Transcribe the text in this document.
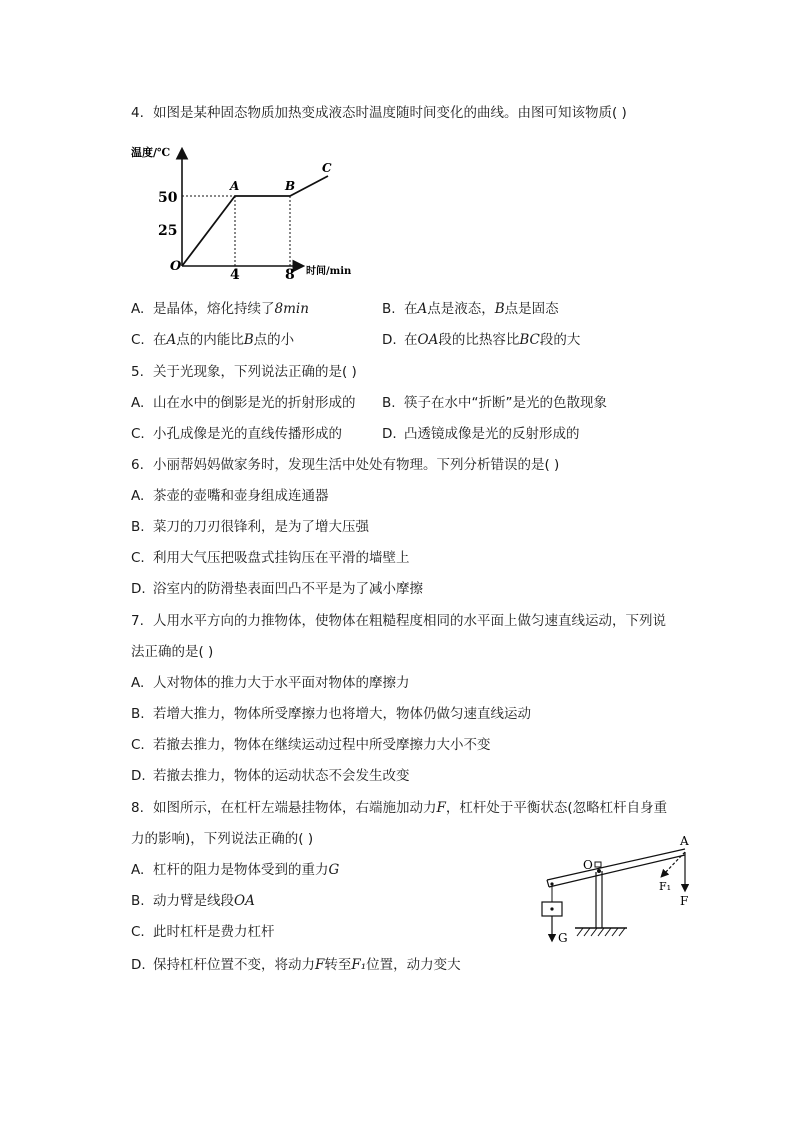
4. 如图是某种固态物质加热变成液态时温度随时间变化的曲线。由图可知该物质( )
温度/℃
时间/min
O
25
50
4	8
A	B
C
A. 是晶体，熔化持续了8min	B. 在A点是液态，B点是固态
C. 在A点的内能比B点的小	D. 在OA段的比热容比BC段的大
5. 关于光现象，下列说法正确的是( )
A. 山在水中的倒影是光的折射形成的 B. 筷子在水中“折断”是光的色散现象
C. 小孔成像是光的直线传播形成的	D. 凸透镜成像是光的反射形成的
6. 小丽帮妈妈做家务时，发现生活中处处有物理。下列分析错误的是( )
A. 茶壶的壶嘴和壶身组成连通器
B. 菜刀的刀刃很锋利，是为了增大压强
C. 利用大气压把吸盘式挂钩压在平滑的墙壁上
D. 浴室内的防滑垫表面凹凸不平是为了减小摩擦
7. 人用水平方向的力推物体，使物体在粗糙程度相同的水平面上做匀速直线运动，下列说
法正确的是( )
A. 人对物体的推力大于水平面对物体的摩擦力
B. 若增大推力，物体所受摩擦力也将增大，物体仍做匀速直线运动
C. 若撤去推力，物体在继续运动过程中所受摩擦力大小不变
D. 若撤去推力，物体的运动状态不会发生改变
8. 如图所示，在杠杆左端悬挂物体，右端施加动力F，杠杆处于平衡状态(忽略杠杆自身重
力的影响)，下列说法正确的( )
A. 杠杆的阻力是物体受到的重力G
B. 动力臂是线段OA
C. 此时杠杆是费力杠杆
D. 保持杠杆位置不变，将动力F转至F₁位置，动力变大
A
O
F₁
F
G
